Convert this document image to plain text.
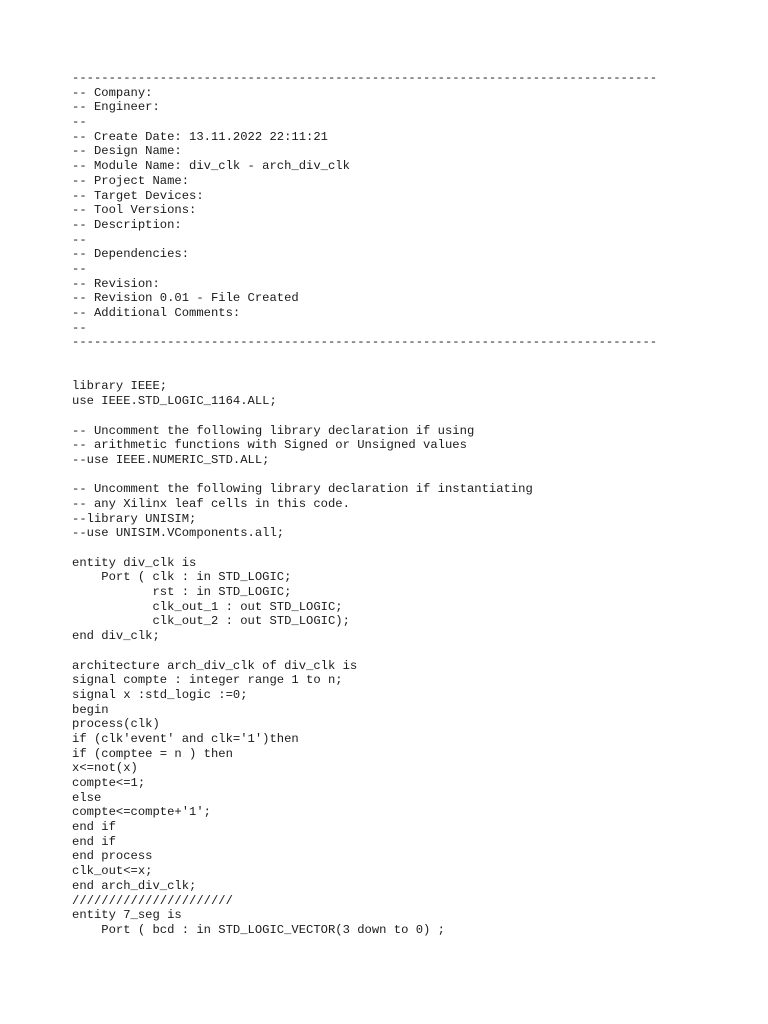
--------------------------------------------------------------------------------
-- Company:
-- Engineer:
--
-- Create Date: 13.11.2022 22:11:21
-- Design Name:
-- Module Name: div_clk - arch_div_clk
-- Project Name:
-- Target Devices:
-- Tool Versions:
-- Description:
--
-- Dependencies:
--
-- Revision:
-- Revision 0.01 - File Created
-- Additional Comments:
--
--------------------------------------------------------------------------------
library IEEE;
use IEEE.STD_LOGIC_1164.ALL;
-- Uncomment the following library declaration if using
-- arithmetic functions with Signed or Unsigned values
--use IEEE.NUMERIC_STD.ALL;
-- Uncomment the following library declaration if instantiating
-- any Xilinx leaf cells in this code.
--library UNISIM;
--use UNISIM.VComponents.all;
entity div_clk is
Port ( clk : in STD_LOGIC;
rst : in STD_LOGIC;
clk_out_1 : out STD_LOGIC;
clk_out_2 : out STD_LOGIC);
end div_clk;
architecture arch_div_clk of div_clk is
signal compte : integer range 1 to n;
signal x :std_logic :=0;
begin
process(clk)
if (clk'event' and clk='1')then
if (comptee = n ) then
x<=not(x)
compte<=1;
else
compte<=compte+'1';
end if
end if
end process
clk_out<=x;
end arch_div_clk;
//////////////////////
entity 7_seg is
Port ( bcd : in STD_LOGIC_VECTOR(3 down to 0) ;
